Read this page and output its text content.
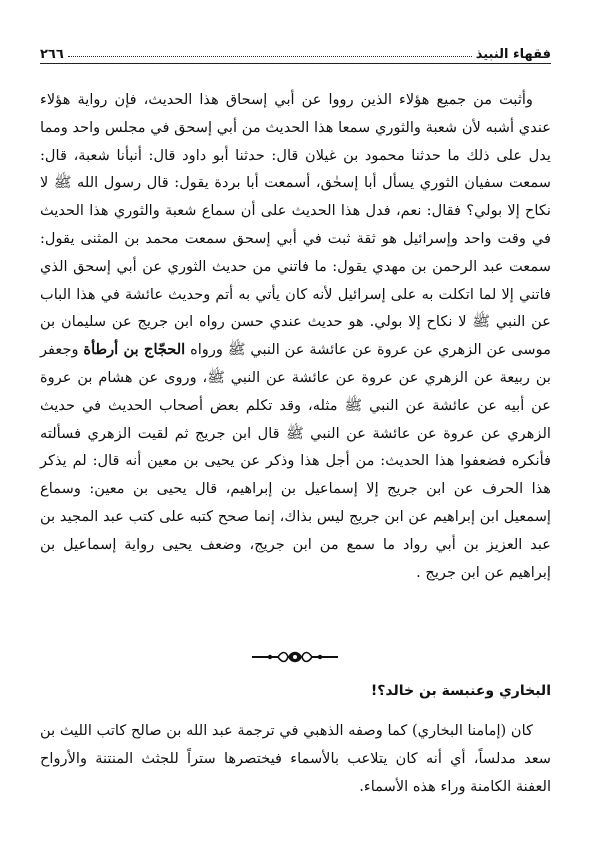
فقهاء النبيذ
٢٦٦

وأثبت من جميع هؤلاء الذين رووا عن أبي إسحاق هذا الحديث، فإن رواية هؤلاء عندي أشبه لأن شعبة والثوري سمعا هذا الحديث من أبي إسحق في مجلس واحد ومما يدل على ذلك ما حدثنا محمود بن غيلان قال: حدثنا أبو داود قال: أنبأنا شعبة، قال: سمعت سفيان الثوري يسأل أبا إسحٰق، أسمعت أبا بردة يقول: قال رسول الله ﷺ لا نكاح إلا بولي؟ فقال: نعم، فدل هذا الحديث على أن سماع شعبة والثوري هذا الحديث في وقت واحد وإسرائيل هو ثقة ثبت في أبي إسحق سمعت محمد بن المثنى يقول: سمعت عبد الرحمن بن مهدي يقول: ما فاتني من حديث الثوري عن أبي إسحق الذي فاتني إلا لما اتكلت به على إسرائيل لأنه كان يأتي به أتم وحديث عائشة في هذا الباب عن النبي ﷺ لا نكاح إلا بولي. هو حديث عندي حسن رواه ابن جريج عن سليمان بن موسى عن الزهري عن عروة عن عائشة عن النبي ﷺ ورواه الحجّاج بن أرطأة وجعفر بن ربيعة عن الزهري عن عروة عن عائشة عن النبي ﷺ، وروى عن هشام بن عروة عن أبيه عن عائشة عن النبي ﷺ مثله، وقد تكلم بعض أصحاب الحديث في حديث الزهري عن عروة عن عائشة عن النبي ﷺ قال ابن جريج ثم لقيت الزهري فسألته فأنكره فضعفوا هذا الحديث: من أجل هذا وذكر عن يحيى بن معين أنه قال: لم يذكر هذا الحرف عن ابن جريج إلا إسماعيل بن إبراهيم، قال يحيى بن معين: وسماع إسمعيل ابن إبراهيم عن ابن جريج ليس بذاك، إنما صحح كتبه على كتب عبد المجيد بن عبد العزيز بن أبي رواد ما سمع من ابن جريج، وضعف يحيى رواية إسماعيل بن إبراهيم عن ابن جريج .

البخاري وعنبسة بن خالد؟!

كان (إمامنا البخاري) كما وصفه الذهبي في ترجمة عبد الله بن صالح كاتب الليث بن سعد مدلساً، أي أنه كان يتلاعب بالأسماء فيختصرها ستراً للجثث المنتنة والأرواح العفنة الكامنة وراء هذه الأسماء.
